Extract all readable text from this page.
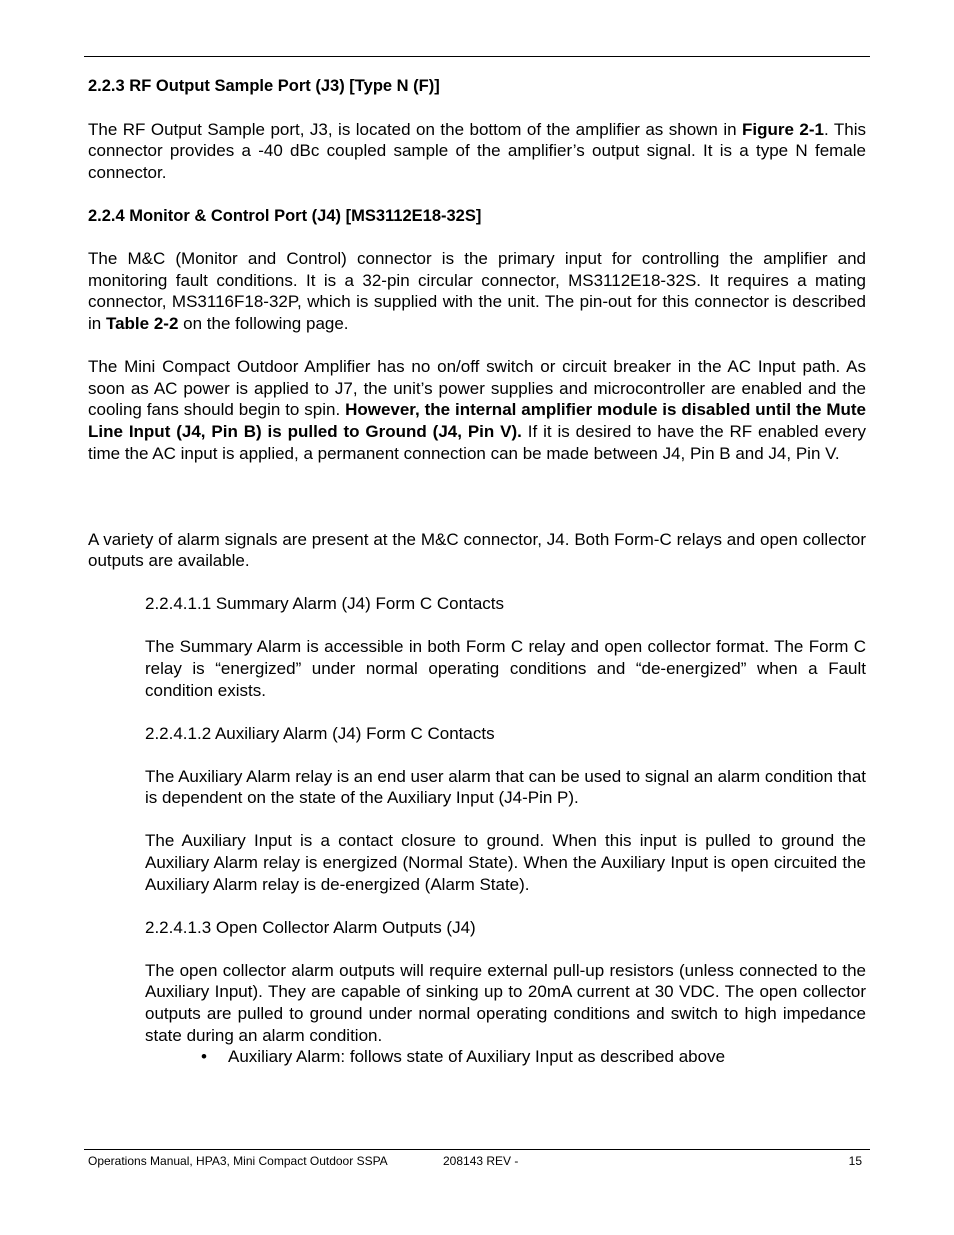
2.2.3 RF Output Sample Port (J3) [Type N (F)]

The RF Output Sample port, J3, is located on the bottom of the amplifier as shown in Figure 2-1. This connector provides a -40 dBc coupled sample of the amplifier’s output signal. It is a type N female connector.

2.2.4 Monitor & Control Port (J4) [MS3112E18-32S]

The M&C (Monitor and Control) connector is the primary input for controlling the amplifier and monitoring fault conditions. It is a 32-pin circular connector, MS3112E18-32S. It requires a mating connector, MS3116F18-32P, which is supplied with the unit. The pin-out for this connector is described in Table 2-2 on the following page.

The Mini Compact Outdoor Amplifier has no on/off switch or circuit breaker in the AC Input path. As soon as AC power is applied to J7, the unit’s power supplies and microcontroller are enabled and the cooling fans should begin to spin. However, the internal amplifier module is disabled until the Mute Line Input (J4, Pin B) is pulled to Ground (J4, Pin V). If it is desired to have the RF enabled every time the AC input is applied, a permanent connection can be made between J4, Pin B and J4, Pin V.

A variety of alarm signals are present at the M&C connector, J4. Both Form-C relays and open collector outputs are available.

2.2.4.1.1 Summary Alarm (J4) Form C Contacts

The Summary Alarm is accessible in both Form C relay and open collector format. The Form C relay is “energized” under normal operating conditions and “de-energized” when a Fault condition exists.

2.2.4.1.2 Auxiliary Alarm (J4) Form C Contacts

The Auxiliary Alarm relay is an end user alarm that can be used to signal an alarm condition that is dependent on the state of the Auxiliary Input (J4-Pin P).

The Auxiliary Input is a contact closure to ground. When this input is pulled to ground the Auxiliary Alarm relay is energized (Normal State). When the Auxiliary Input is open circuited the Auxiliary Alarm relay is de-energized (Alarm State).

2.2.4.1.3 Open Collector Alarm Outputs (J4)

The open collector alarm outputs will require external pull-up resistors (unless connected to the Auxiliary Input). They are capable of sinking up to 20mA current at 30 VDC. The open collector outputs are pulled to ground under normal operating conditions and switch to high impedance state during an alarm condition.

• Auxiliary Alarm: follows state of Auxiliary Input as described above
Operations Manual, HPA3, Mini Compact Outdoor SSPA	208143 REV -	15
